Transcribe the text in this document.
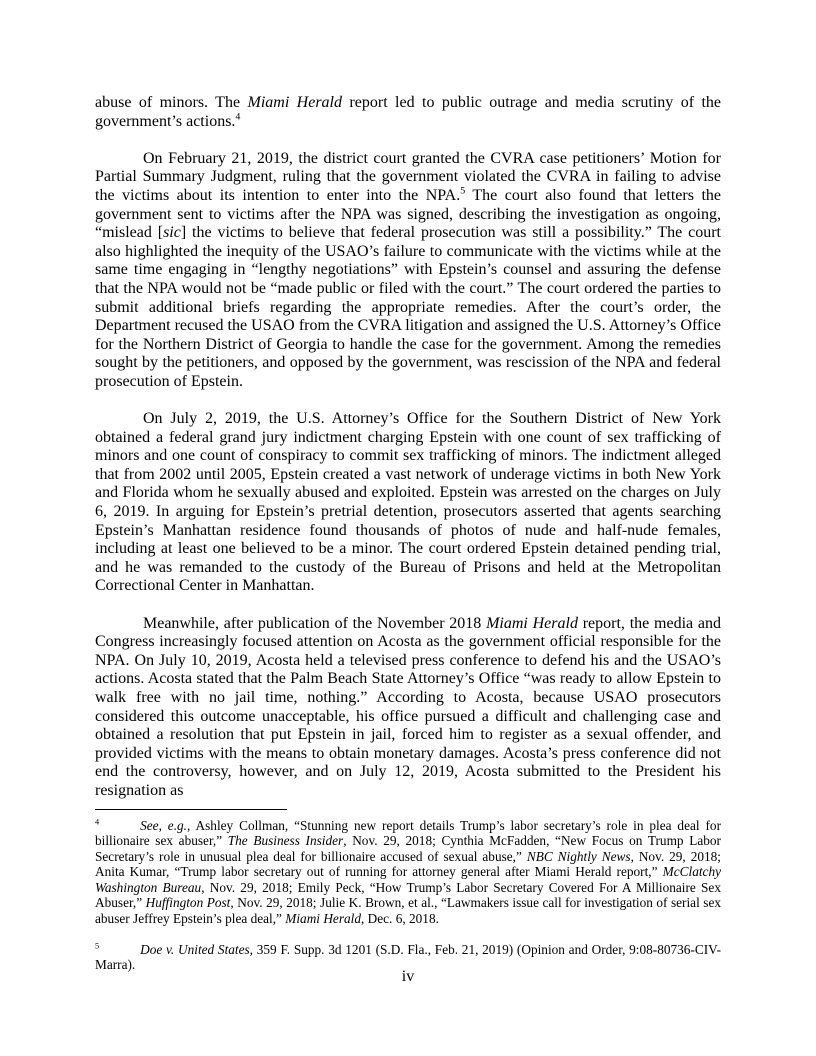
abuse of minors. The Miami Herald report led to public outrage and media scrutiny of the government’s actions.$^4$

On February 21, 2019, the district court granted the CVRA case petitioners’ Motion for Partial Summary Judgment, ruling that the government violated the CVRA in failing to advise the victims about its intention to enter into the NPA.$^5$ The court also found that letters the government sent to victims after the NPA was signed, describing the investigation as ongoing, “mislead [sic] the victims to believe that federal prosecution was still a possibility.” The court also highlighted the inequity of the USAO’s failure to communicate with the victims while at the same time engaging in “lengthy negotiations” with Epstein’s counsel and assuring the defense that the NPA would not be “made public or filed with the court.” The court ordered the parties to submit additional briefs regarding the appropriate remedies. After the court’s order, the Department recused the USAO from the CVRA litigation and assigned the U.S. Attorney’s Office for the Northern District of Georgia to handle the case for the government. Among the remedies sought by the petitioners, and opposed by the government, was rescission of the NPA and federal prosecution of Epstein.

On July 2, 2019, the U.S. Attorney’s Office for the Southern District of New York obtained a federal grand jury indictment charging Epstein with one count of sex trafficking of minors and one count of conspiracy to commit sex trafficking of minors. The indictment alleged that from 2002 until 2005, Epstein created a vast network of underage victims in both New York and Florida whom he sexually abused and exploited. Epstein was arrested on the charges on July 6, 2019. In arguing for Epstein’s pretrial detention, prosecutors asserted that agents searching Epstein’s Manhattan residence found thousands of photos of nude and half-nude females, including at least one believed to be a minor. The court ordered Epstein detained pending trial, and he was remanded to the custody of the Bureau of Prisons and held at the Metropolitan Correctional Center in Manhattan.

Meanwhile, after publication of the November 2018 Miami Herald report, the media and Congress increasingly focused attention on Acosta as the government official responsible for the NPA. On July 10, 2019, Acosta held a televised press conference to defend his and the USAO’s actions. Acosta stated that the Palm Beach State Attorney’s Office “was ready to allow Epstein to walk free with no jail time, nothing.” According to Acosta, because USAO prosecutors considered this outcome unacceptable, his office pursued a difficult and challenging case and obtained a resolution that put Epstein in jail, forced him to register as a sexual offender, and provided victims with the means to obtain monetary damages. Acosta’s press conference did not end the controversy, however, and on July 12, 2019, Acosta submitted to the President his resignation as

$^4$	See, e.g., Ashley Collman, “Stunning new report details Trump’s labor secretary’s role in plea deal for billionaire sex abuser,” The Business Insider, Nov. 29, 2018; Cynthia McFadden, “New Focus on Trump Labor Secretary’s role in unusual plea deal for billionaire accused of sexual abuse,” NBC Nightly News, Nov. 29, 2018; Anita Kumar, “Trump labor secretary out of running for attorney general after Miami Herald report,” McClatchy Washington Bureau, Nov. 29, 2018; Emily Peck, “How Trump’s Labor Secretary Covered For A Millionaire Sex Abuser,” Huffington Post, Nov. 29, 2018; Julie K. Brown, et al., “Lawmakers issue call for investigation of serial sex abuser Jeffrey Epstein’s plea deal,” Miami Herald, Dec. 6, 2018.

$^5$	Doe v. United States, 359 F. Supp. 3d 1201 (S.D. Fla., Feb. 21, 2019) (Opinion and Order, 9:08-80736-CIV-Marra).

iv
